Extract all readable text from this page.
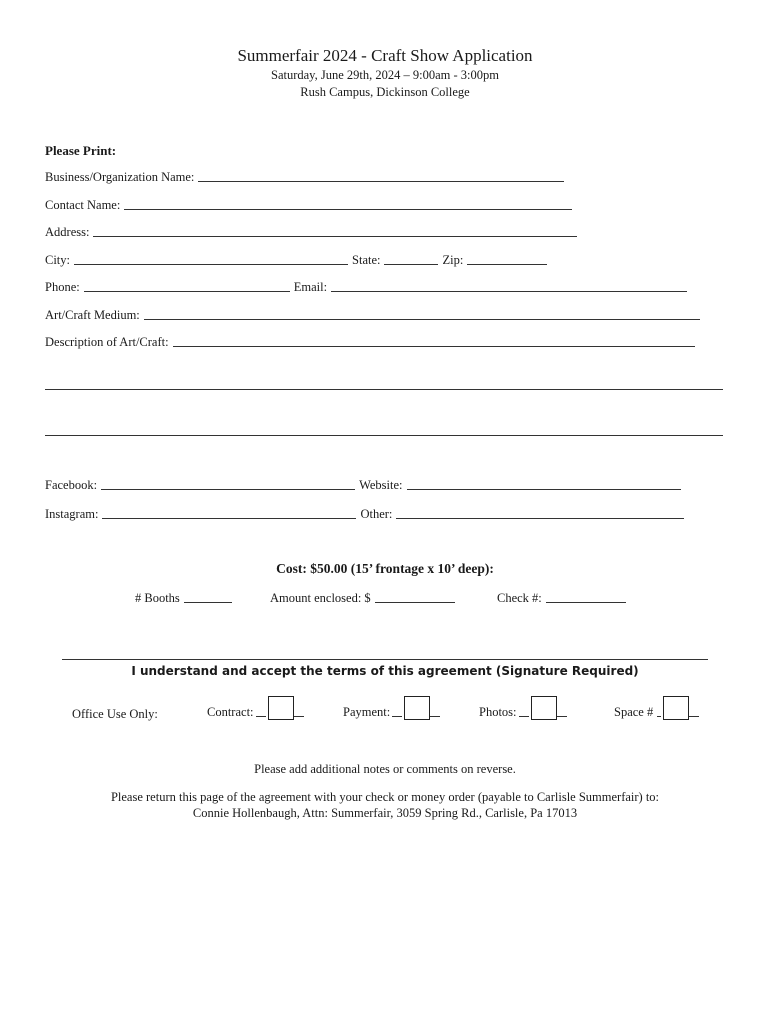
Summerfair 2024 - Craft Show Application
Saturday, June 29th, 2024 – 9:00am - 3:00pm
Rush Campus, Dickinson College
Please Print:
Business/Organization Name:
Contact Name:
Address:
City:	State:	Zip:
Phone:	Email:
Art/Craft Medium:
Description of Art/Craft:
Facebook:	Website:
Instagram:	Other:
Cost: $50.00 (15’ frontage x 10’ deep):
# Booths	Amount enclosed: $	Check #:
I understand and accept the terms of this agreement (Signature Required)
Office Use Only:	Contract:	Payment:	Photos:	Space #
Please add additional notes or comments on reverse.
Please return this page of the agreement with your check or money order (payable to Carlisle Summerfair) to:
Connie Hollenbaugh, Attn: Summerfair, 3059 Spring Rd., Carlisle, Pa 17013
